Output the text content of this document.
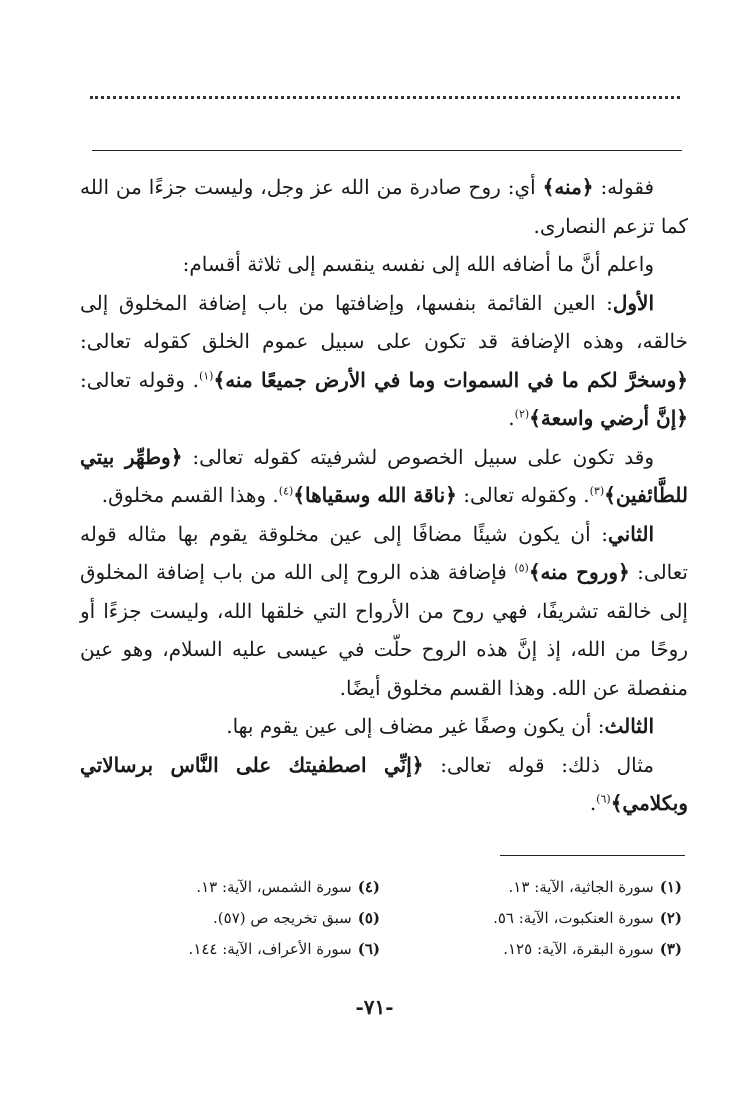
فقوله: ﴿منه﴾ أي: روح صادرة من الله عز وجل، وليست جزءًا من الله كما تزعم النصارى.

واعلم أنَّ ما أضافه الله إلى نفسه ينقسم إلى ثلاثة أقسام:

الأول: العين القائمة بنفسها، وإضافتها من باب إضافة المخلوق إلى خالقه، وهذه الإضافة قد تكون على سبيل عموم الخلق كقوله تعالى: ﴿وسخرَّ لكم ما في السموات وما في الأرض جميعًا منه﴾$^{(١)}$. وقوله تعالى: ﴿إنَّ أرضي واسعة﴾$^{(٢)}$.

وقد تكون على سبيل الخصوص لشرفيته كقوله تعالى: ﴿وطهِّر بيتي للطَّائفين﴾$^{(٣)}$. وكقوله تعالى: ﴿ناقة الله وسقياها﴾$^{(٤)}$. وهذا القسم مخلوق.

الثاني: أن يكون شيئًا مضافًا إلى عين مخلوقة يقوم بها مثاله قوله تعالى: ﴿وروح منه﴾$^{(٥)}$ فإضافة هذه الروح إلى الله من باب إضافة المخلوق إلى خالقه تشريفًا، فهي روح من الأرواح التي خلقها الله، وليست جزءًا أو روحًا من الله، إذ إنَّ هذه الروح حلّت في عيسى عليه السلام، وهو عين منفصلة عن الله. وهذا القسم مخلوق أيضًا.

الثالث: أن يكون وصفًا غير مضاف إلى عين يقوم بها.

مثال ذلك: قوله تعالى: ﴿إنِّي اصطفيتك على النَّاس برسالاتي وبكلامي﴾$^{(٦)}$.

(١)سورة الجاثية، الآية: ١٣.
(٢)سورة العنكبوت، الآية: ٥٦.
(٣)سورة البقرة، الآية: ١٢٥.
(٤)سورة الشمس، الآية: ١٣.
(٥)سبق تخريجه ص (٥٧).
(٦)سورة الأعراف، الآية: ١٤٤.
-٧١-
